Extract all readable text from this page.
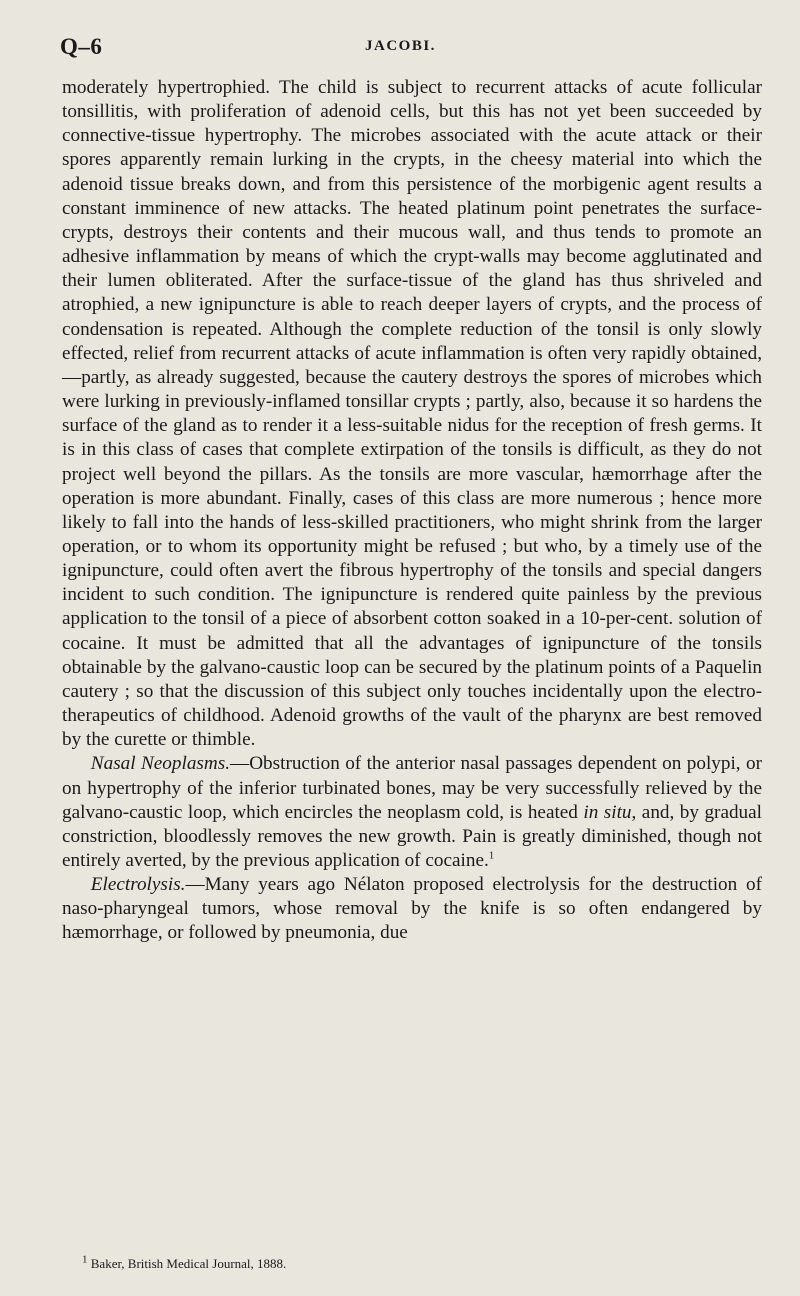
Q–6	JACOBI.

moderately hypertrophied. The child is subject to recurrent attacks of acute follicular tonsillitis, with proliferation of adenoid cells, but this has not yet been succeeded by connective-tissue hypertrophy. The microbes associated with the acute attack or their spores apparently remain lurking in the crypts, in the cheesy material into which the adenoid tissue breaks down, and from this persistence of the morbigenic agent results a constant imminence of new attacks. The heated platinum point penetrates the surface-crypts, destroys their contents and their mucous wall, and thus tends to promote an adhesive inflammation by means of which the crypt-walls may become agglutinated and their lumen obliterated. After the surface-tissue of the gland has thus shriveled and atrophied, a new ignipuncture is able to reach deeper layers of crypts, and the process of condensation is repeated. Although the complete reduction of the tonsil is only slowly effected, relief from recurrent attacks of acute inflammation is often very rapidly obtained,—partly, as already suggested, because the cautery destroys the spores of microbes which were lurking in previously-inflamed tonsillar crypts ; partly, also, because it so hardens the surface of the gland as to render it a less-suitable nidus for the reception of fresh germs. It is in this class of cases that complete extirpation of the tonsils is difficult, as they do not project well beyond the pillars. As the tonsils are more vascular, hæmorrhage after the operation is more abundant. Finally, cases of this class are more numerous ; hence more likely to fall into the hands of less-skilled practitioners, who might shrink from the larger operation, or to whom its opportunity might be refused ; but who, by a timely use of the ignipuncture, could often avert the fibrous hypertrophy of the tonsils and special dangers incident to such condition. The ignipuncture is rendered quite painless by the previous application to the tonsil of a piece of absorbent cotton soaked in a 10-per-cent. solution of cocaine. It must be admitted that all the advantages of ignipuncture of the tonsils obtainable by the galvano-caustic loop can be secured by the platinum points of a Paquelin cautery ; so that the discussion of this subject only touches incidentally upon the electro-therapeutics of childhood. Adenoid growths of the vault of the pharynx are best removed by the curette or thimble.

Nasal Neoplasms.—Obstruction of the anterior nasal passages dependent on polypi, or on hypertrophy of the inferior turbinated bones, may be very successfully relieved by the galvano-caustic loop, which encircles the neoplasm cold, is heated in situ, and, by gradual constriction, bloodlessly removes the new growth. Pain is greatly diminished, though not entirely averted, by the previous application of cocaine.$^1$

Electrolysis.—Many years ago Nélaton proposed electrolysis for the destruction of naso-pharyngeal tumors, whose removal by the knife is so often endangered by hæmorrhage, or followed by pneumonia, due

$^1$ Baker, British Medical Journal, 1888.
